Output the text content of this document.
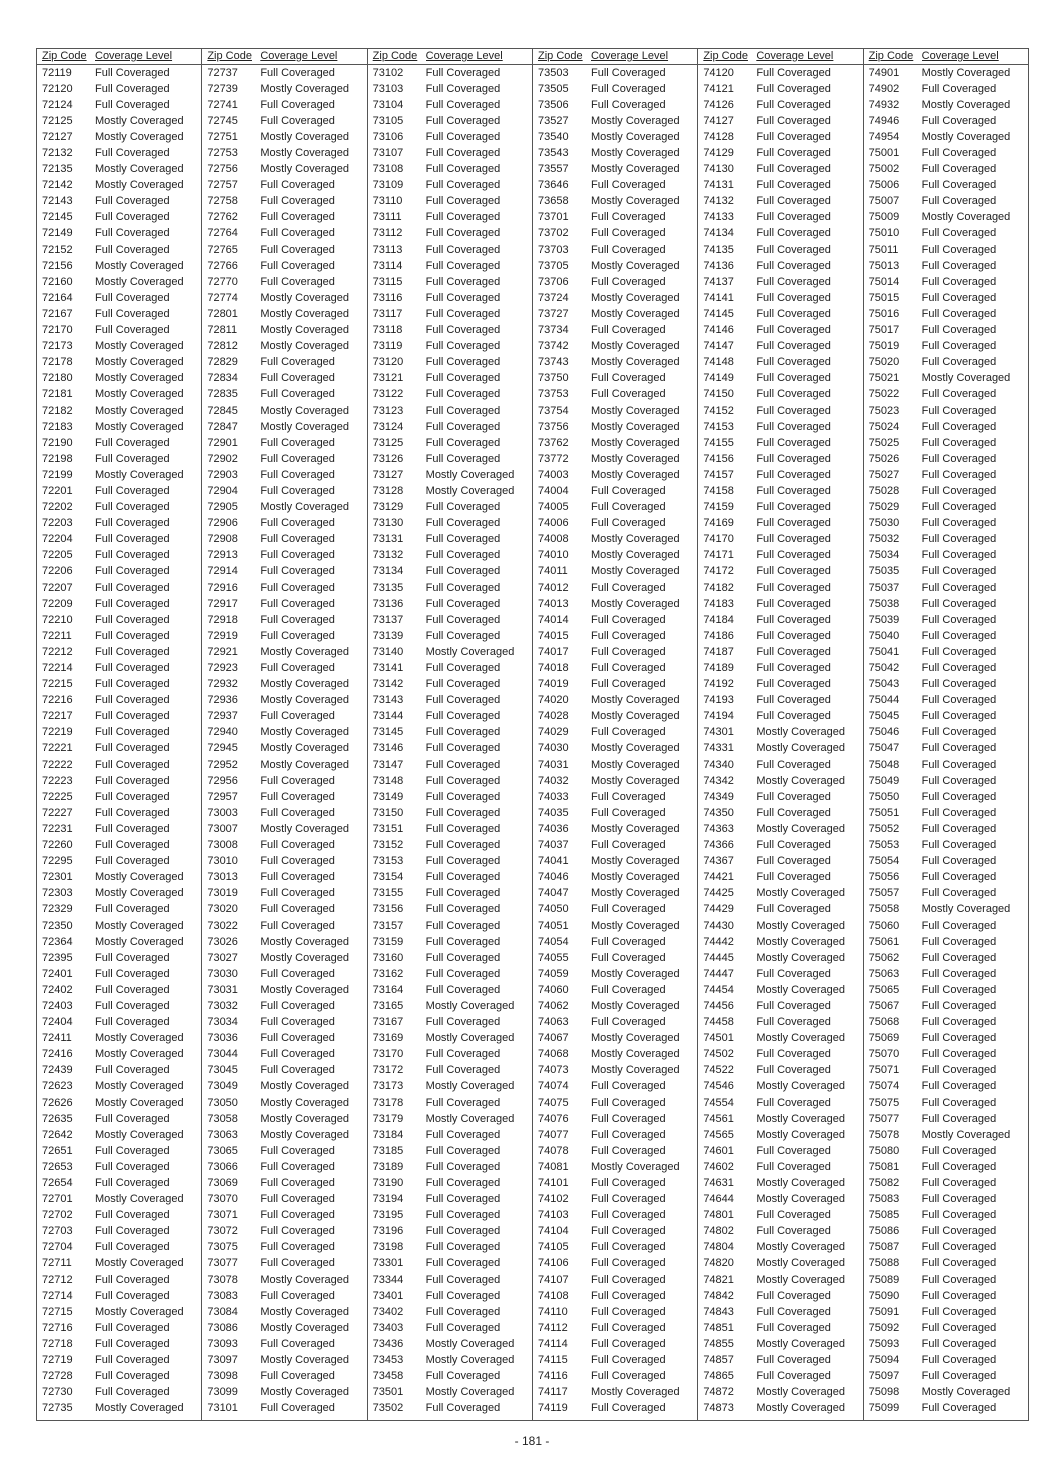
Zip Code Coverage Level
72119	Full Coveraged
72120	Full Coveraged
72124	Full Coveraged
72125	Mostly Coveraged
72127	Mostly Coveraged
72132	Full Coveraged
72135	Mostly Coveraged
72142	Mostly Coveraged
72143	Full Coveraged
72145	Full Coveraged
72149	Full Coveraged
72152	Full Coveraged
72156	Mostly Coveraged
72160	Mostly Coveraged
72164	Full Coveraged
72167	Full Coveraged
72170	Full Coveraged
72173	Mostly Coveraged
72178	Mostly Coveraged
72180	Mostly Coveraged
72181	Mostly Coveraged
72182	Mostly Coveraged
72183	Mostly Coveraged
72190	Full Coveraged
72198	Full Coveraged
72199	Mostly Coveraged
72201	Full Coveraged
72202	Full Coveraged
72203	Full Coveraged
72204	Full Coveraged
72205	Full Coveraged
72206	Full Coveraged
72207	Full Coveraged
72209	Full Coveraged
72210	Full Coveraged
72211	Full Coveraged
72212	Full Coveraged
72214	Full Coveraged
72215	Full Coveraged
72216	Full Coveraged
72217	Full Coveraged
72219	Full Coveraged
72221	Full Coveraged
72222	Full Coveraged
72223	Full Coveraged
72225	Full Coveraged
72227	Full Coveraged
72231	Full Coveraged
72260	Full Coveraged
72295	Full Coveraged
72301	Mostly Coveraged
72303	Mostly Coveraged
72329	Full Coveraged
72350	Mostly Coveraged
72364	Mostly Coveraged
72395	Full Coveraged
72401	Full Coveraged
72402	Full Coveraged
72403	Full Coveraged
72404	Full Coveraged
72411	Mostly Coveraged
72416	Mostly Coveraged
72439	Full Coveraged
72623	Mostly Coveraged
72626	Mostly Coveraged
72635	Full Coveraged
72642	Mostly Coveraged
72651	Full Coveraged
72653	Full Coveraged
72654	Full Coveraged
72701	Mostly Coveraged
72702	Full Coveraged
72703	Full Coveraged
72704	Full Coveraged
72711	Mostly Coveraged
72712	Full Coveraged
72714	Full Coveraged
72715	Mostly Coveraged
72716	Full Coveraged
72718	Full Coveraged
72719	Full Coveraged
72728	Full Coveraged
72730	Full Coveraged
72735	Mostly Coveraged
Zip Code Coverage Level
72737	Full Coveraged
72739	Mostly Coveraged
72741	Full Coveraged
72745	Full Coveraged
72751	Mostly Coveraged
72753	Mostly Coveraged
72756	Mostly Coveraged
72757	Full Coveraged
72758	Full Coveraged
72762	Full Coveraged
72764	Full Coveraged
72765	Full Coveraged
72766	Full Coveraged
72770	Full Coveraged
72774	Mostly Coveraged
72801	Mostly Coveraged
72811	Mostly Coveraged
72812	Mostly Coveraged
72829	Full Coveraged
72834	Full Coveraged
72835	Full Coveraged
72845	Mostly Coveraged
72847	Mostly Coveraged
72901	Full Coveraged
72902	Full Coveraged
72903	Full Coveraged
72904	Full Coveraged
72905	Mostly Coveraged
72906	Full Coveraged
72908	Full Coveraged
72913	Full Coveraged
72914	Full Coveraged
72916	Full Coveraged
72917	Full Coveraged
72918	Full Coveraged
72919	Full Coveraged
72921	Mostly Coveraged
72923	Full Coveraged
72932	Mostly Coveraged
72936	Mostly Coveraged
72937	Full Coveraged
72940	Mostly Coveraged
72945	Mostly Coveraged
72952	Mostly Coveraged
72956	Full Coveraged
72957	Full Coveraged
73003	Full Coveraged
73007	Mostly Coveraged
73008	Full Coveraged
73010	Full Coveraged
73013	Full Coveraged
73019	Full Coveraged
73020	Full Coveraged
73022	Full Coveraged
73026	Mostly Coveraged
73027	Mostly Coveraged
73030	Full Coveraged
73031	Mostly Coveraged
73032	Full Coveraged
73034	Full Coveraged
73036	Full Coveraged
73044	Full Coveraged
73045	Full Coveraged
73049	Mostly Coveraged
73050	Mostly Coveraged
73058	Mostly Coveraged
73063	Mostly Coveraged
73065	Full Coveraged
73066	Full Coveraged
73069	Full Coveraged
73070	Full Coveraged
73071	Full Coveraged
73072	Full Coveraged
73075	Full Coveraged
73077	Full Coveraged
73078	Mostly Coveraged
73083	Full Coveraged
73084	Mostly Coveraged
73086	Mostly Coveraged
73093	Full Coveraged
73097	Mostly Coveraged
73098	Full Coveraged
73099	Mostly Coveraged
73101	Full Coveraged
Zip Code Coverage Level
73102	Full Coveraged
73103	Full Coveraged
73104	Full Coveraged
73105	Full Coveraged
73106	Full Coveraged
73107	Full Coveraged
73108	Full Coveraged
73109	Full Coveraged
73110	Full Coveraged
73111	Full Coveraged
73112	Full Coveraged
73113	Full Coveraged
73114	Full Coveraged
73115	Full Coveraged
73116	Full Coveraged
73117	Full Coveraged
73118	Full Coveraged
73119	Full Coveraged
73120	Full Coveraged
73121	Full Coveraged
73122	Full Coveraged
73123	Full Coveraged
73124	Full Coveraged
73125	Full Coveraged
73126	Full Coveraged
73127	Mostly Coveraged
73128	Mostly Coveraged
73129	Full Coveraged
73130	Full Coveraged
73131	Full Coveraged
73132	Full Coveraged
73134	Full Coveraged
73135	Full Coveraged
73136	Full Coveraged
73137	Full Coveraged
73139	Full Coveraged
73140	Mostly Coveraged
73141	Full Coveraged
73142	Full Coveraged
73143	Full Coveraged
73144	Full Coveraged
73145	Full Coveraged
73146	Full Coveraged
73147	Full Coveraged
73148	Full Coveraged
73149	Full Coveraged
73150	Full Coveraged
73151	Full Coveraged
73152	Full Coveraged
73153	Full Coveraged
73154	Full Coveraged
73155	Full Coveraged
73156	Full Coveraged
73157	Full Coveraged
73159	Full Coveraged
73160	Full Coveraged
73162	Full Coveraged
73164	Full Coveraged
73165	Mostly Coveraged
73167	Full Coveraged
73169	Mostly Coveraged
73170	Full Coveraged
73172	Full Coveraged
73173	Mostly Coveraged
73178	Full Coveraged
73179	Mostly Coveraged
73184	Full Coveraged
73185	Full Coveraged
73189	Full Coveraged
73190	Full Coveraged
73194	Full Coveraged
73195	Full Coveraged
73196	Full Coveraged
73198	Full Coveraged
73301	Full Coveraged
73344	Full Coveraged
73401	Full Coveraged
73402	Full Coveraged
73403	Full Coveraged
73436	Mostly Coveraged
73453	Mostly Coveraged
73458	Full Coveraged
73501	Mostly Coveraged
73502	Full Coveraged
Zip Code Coverage Level
73503	Full Coveraged
73505	Full Coveraged
73506	Full Coveraged
73527	Mostly Coveraged
73540	Mostly Coveraged
73543	Mostly Coveraged
73557	Mostly Coveraged
73646	Full Coveraged
73658	Mostly Coveraged
73701	Full Coveraged
73702	Full Coveraged
73703	Full Coveraged
73705	Mostly Coveraged
73706	Full Coveraged
73724	Mostly Coveraged
73727	Mostly Coveraged
73734	Full Coveraged
73742	Mostly Coveraged
73743	Mostly Coveraged
73750	Full Coveraged
73753	Full Coveraged
73754	Mostly Coveraged
73756	Mostly Coveraged
73762	Mostly Coveraged
73772	Mostly Coveraged
74003	Mostly Coveraged
74004	Full Coveraged
74005	Full Coveraged
74006	Full Coveraged
74008	Mostly Coveraged
74010	Mostly Coveraged
74011	Mostly Coveraged
74012	Full Coveraged
74013	Mostly Coveraged
74014	Full Coveraged
74015	Full Coveraged
74017	Full Coveraged
74018	Full Coveraged
74019	Full Coveraged
74020	Mostly Coveraged
74028	Mostly Coveraged
74029	Full Coveraged
74030	Mostly Coveraged
74031	Mostly Coveraged
74032	Mostly Coveraged
74033	Full Coveraged
74035	Full Coveraged
74036	Mostly Coveraged
74037	Full Coveraged
74041	Mostly Coveraged
74046	Mostly Coveraged
74047	Mostly Coveraged
74050	Full Coveraged
74051	Mostly Coveraged
74054	Full Coveraged
74055	Full Coveraged
74059	Mostly Coveraged
74060	Full Coveraged
74062	Mostly Coveraged
74063	Full Coveraged
74067	Mostly Coveraged
74068	Mostly Coveraged
74073	Mostly Coveraged
74074	Full Coveraged
74075	Full Coveraged
74076	Full Coveraged
74077	Full Coveraged
74078	Full Coveraged
74081	Mostly Coveraged
74101	Full Coveraged
74102	Full Coveraged
74103	Full Coveraged
74104	Full Coveraged
74105	Full Coveraged
74106	Full Coveraged
74107	Full Coveraged
74108	Full Coveraged
74110	Full Coveraged
74112	Full Coveraged
74114	Full Coveraged
74115	Full Coveraged
74116	Full Coveraged
74117	Mostly Coveraged
74119	Full Coveraged
Zip Code Coverage Level
74120	Full Coveraged
74121	Full Coveraged
74126	Full Coveraged
74127	Full Coveraged
74128	Full Coveraged
74129	Full Coveraged
74130	Full Coveraged
74131	Full Coveraged
74132	Full Coveraged
74133	Full Coveraged
74134	Full Coveraged
74135	Full Coveraged
74136	Full Coveraged
74137	Full Coveraged
74141	Full Coveraged
74145	Full Coveraged
74146	Full Coveraged
74147	Full Coveraged
74148	Full Coveraged
74149	Full Coveraged
74150	Full Coveraged
74152	Full Coveraged
74153	Full Coveraged
74155	Full Coveraged
74156	Full Coveraged
74157	Full Coveraged
74158	Full Coveraged
74159	Full Coveraged
74169	Full Coveraged
74170	Full Coveraged
74171	Full Coveraged
74172	Full Coveraged
74182	Full Coveraged
74183	Full Coveraged
74184	Full Coveraged
74186	Full Coveraged
74187	Full Coveraged
74189	Full Coveraged
74192	Full Coveraged
74193	Full Coveraged
74194	Full Coveraged
74301	Mostly Coveraged
74331	Mostly Coveraged
74340	Full Coveraged
74342	Mostly Coveraged
74349	Full Coveraged
74350	Full Coveraged
74363	Mostly Coveraged
74366	Full Coveraged
74367	Full Coveraged
74421	Full Coveraged
74425	Mostly Coveraged
74429	Full Coveraged
74430	Mostly Coveraged
74442	Mostly Coveraged
74445	Mostly Coveraged
74447	Full Coveraged
74454	Mostly Coveraged
74456	Full Coveraged
74458	Full Coveraged
74501	Mostly Coveraged
74502	Full Coveraged
74522	Full Coveraged
74546	Mostly Coveraged
74554	Full Coveraged
74561	Mostly Coveraged
74565	Mostly Coveraged
74601	Full Coveraged
74602	Full Coveraged
74631	Mostly Coveraged
74644	Mostly Coveraged
74801	Full Coveraged
74802	Full Coveraged
74804	Mostly Coveraged
74820	Mostly Coveraged
74821	Mostly Coveraged
74842	Full Coveraged
74843	Full Coveraged
74851	Full Coveraged
74855	Mostly Coveraged
74857	Full Coveraged
74865	Full Coveraged
74872	Mostly Coveraged
74873	Mostly Coveraged
Zip Code Coverage Level
74901	Mostly Coveraged
74902	Full Coveraged
74932	Mostly Coveraged
74946	Full Coveraged
74954	Mostly Coveraged
75001	Full Coveraged
75002	Full Coveraged
75006	Full Coveraged
75007	Full Coveraged
75009	Mostly Coveraged
75010	Full Coveraged
75011	Full Coveraged
75013	Full Coveraged
75014	Full Coveraged
75015	Full Coveraged
75016	Full Coveraged
75017	Full Coveraged
75019	Full Coveraged
75020	Full Coveraged
75021	Mostly Coveraged
75022	Full Coveraged
75023	Full Coveraged
75024	Full Coveraged
75025	Full Coveraged
75026	Full Coveraged
75027	Full Coveraged
75028	Full Coveraged
75029	Full Coveraged
75030	Full Coveraged
75032	Full Coveraged
75034	Full Coveraged
75035	Full Coveraged
75037	Full Coveraged
75038	Full Coveraged
75039	Full Coveraged
75040	Full Coveraged
75041	Full Coveraged
75042	Full Coveraged
75043	Full Coveraged
75044	Full Coveraged
75045	Full Coveraged
75046	Full Coveraged
75047	Full Coveraged
75048	Full Coveraged
75049	Full Coveraged
75050	Full Coveraged
75051	Full Coveraged
75052	Full Coveraged
75053	Full Coveraged
75054	Full Coveraged
75056	Full Coveraged
75057	Full Coveraged
75058	Mostly Coveraged
75060	Full Coveraged
75061	Full Coveraged
75062	Full Coveraged
75063	Full Coveraged
75065	Full Coveraged
75067	Full Coveraged
75068	Full Coveraged
75069	Full Coveraged
75070	Full Coveraged
75071	Full Coveraged
75074	Full Coveraged
75075	Full Coveraged
75077	Full Coveraged
75078	Mostly Coveraged
75080	Full Coveraged
75081	Full Coveraged
75082	Full Coveraged
75083	Full Coveraged
75085	Full Coveraged
75086	Full Coveraged
75087	Full Coveraged
75088	Full Coveraged
75089	Full Coveraged
75090	Full Coveraged
75091	Full Coveraged
75092	Full Coveraged
75093	Full Coveraged
75094	Full Coveraged
75097	Full Coveraged
75098	Mostly Coveraged
75099	Full Coveraged
- 181 -
